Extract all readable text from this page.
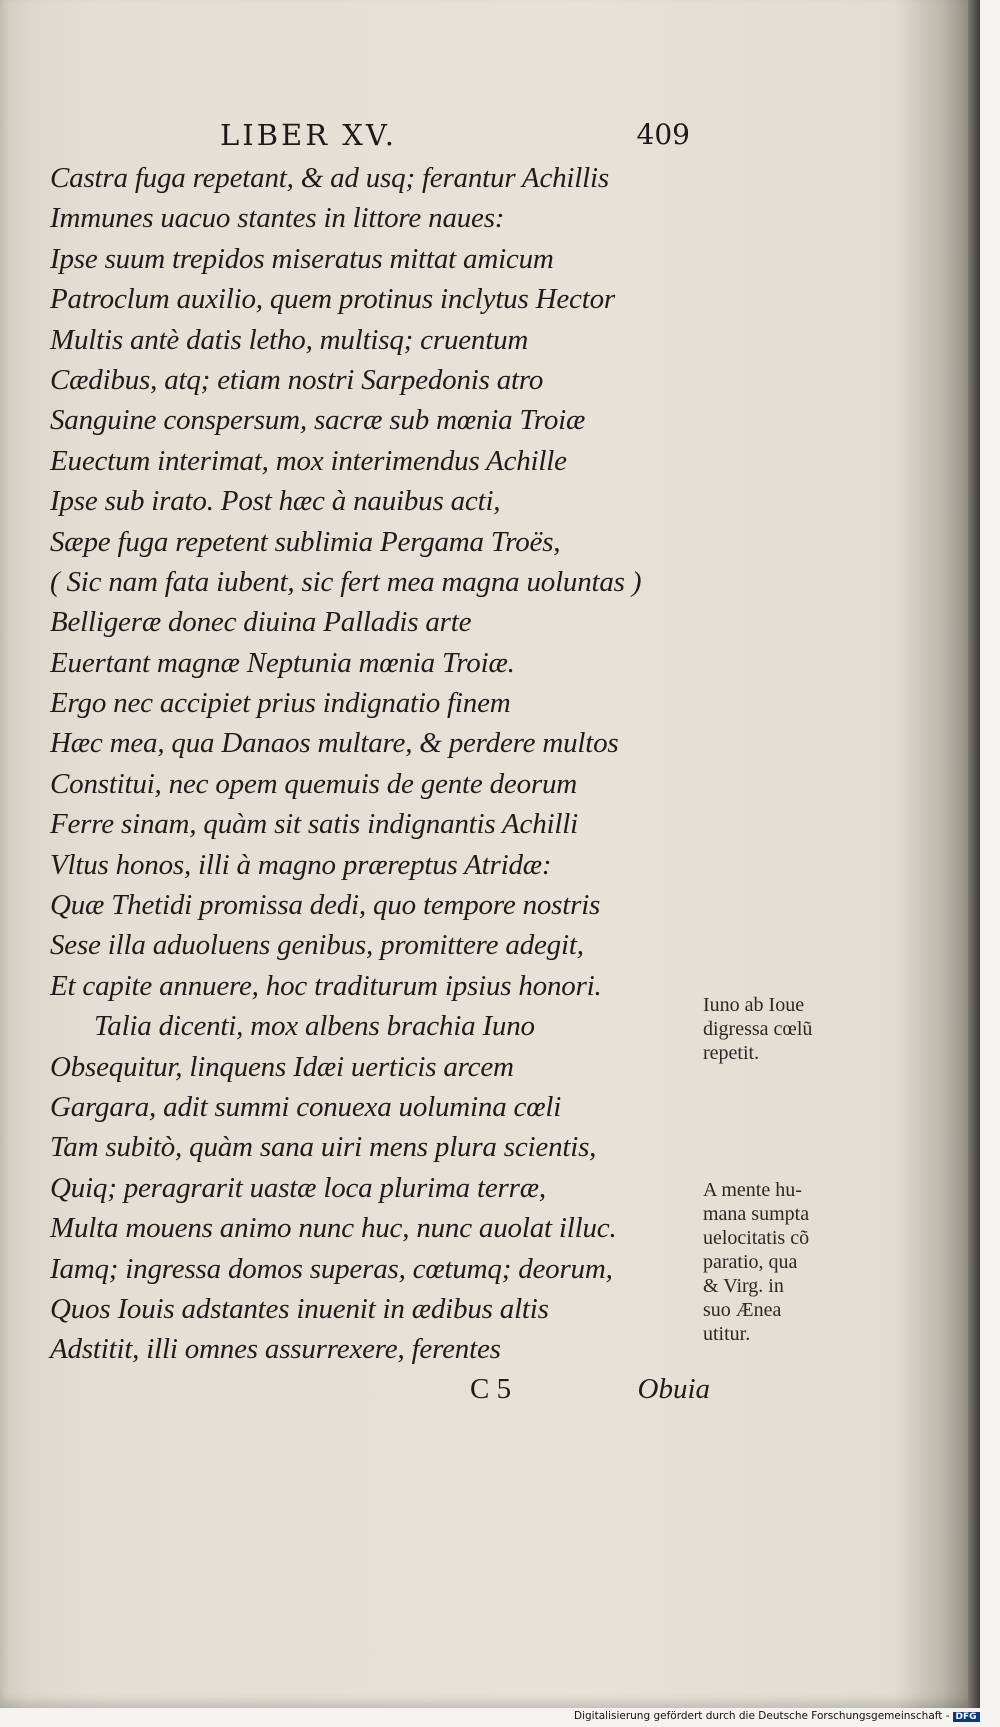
LIBER XV.	409
Castra fuga repetant, & ad usq; ferantur Achillis
Immunes uacuo stantes in littore naues:
Ipse suum trepidos miseratus mittat amicum
Patroclum auxilio, quem protinus inclytus Hector
Multis antè datis letho, multisq; cruentum
Cædibus, atq; etiam nostri Sarpedonis atro
Sanguine conspersum, sacræ sub mœnia Troiæ
Euectum interimat, mox interimendus Achille
Ipse sub irato. Post hæc à nauibus acti,
Sæpe fuga repetent sublimia Pergama Troës,
( Sic nam fata iubent, sic fert mea magna uoluntas )
Belligeræ donec diuina Palladis arte
Euertant magnæ Neptunia mœnia Troiæ.
Ergo nec accipiet prius indignatio finem
Hæc mea, qua Danaos multare, & perdere multos
Constitui, nec opem quemuis de gente deorum
Ferre sinam, quàm sit satis indignantis Achilli
Vltus honos, illi à magno præreptus Atridæ:
Quæ Thetidi promissa dedi, quo tempore nostris
Sese illa aduoluens genibus, promittere adegit,
Et capite annuere, hoc traditurum ipsius honori.
Talia dicenti, mox albens brachia Iuno
Obsequitur, linquens Idæi uerticis arcem
Gargara, adit summi conuexa uolumina cœli
Tam subitò, quàm sana uiri mens plura scientis,
Quiq; peragrarit uastæ loca plurima terræ,
Multa mouens animo nunc huc, nunc auolat illuc.
Iamq; ingressa domos superas, cœtumq; deorum,
Quos Iouis adstantes inuenit in ædibus altis
Adstitit, illi omnes assurrexere, ferentes
C 5	Obuia
Iuno ab Ioue
digressa cœlũ
repetit.
A mente hu-
mana sumpta
uelocitatis cõ
paratio, qua
& Virg. in
suo Ænea
utitur.
Digitalisierung gefördert durch die Deutsche Forschungsgemeinschaft - DFG
